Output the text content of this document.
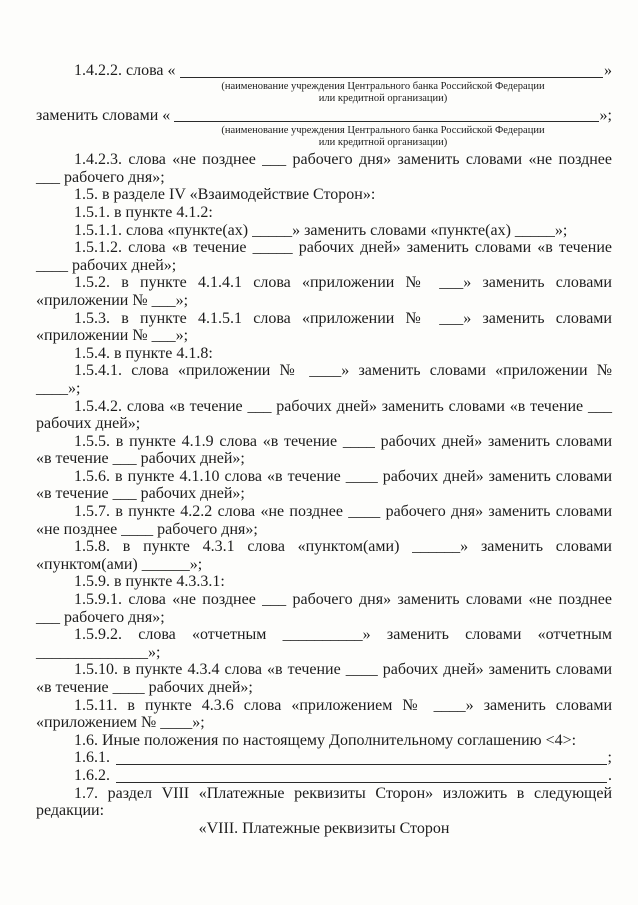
1.4.2.2. слова «	»
(наименование учреждения Центрального банка Российской Федерации
или кредитной организации)
заменить словами «	»;
(наименование учреждения Центрального банка Российской Федерации
или кредитной организации)

1.4.2.3. слова «не позднее ___ рабочего дня» заменить словами «не позднее ___ рабочего дня»;

1.5. в разделе IV «Взаимодействие Сторон»:

1.5.1. в пункте 4.1.2:

1.5.1.1. слова «пункте(ах) _____» заменить словами «пункте(ах) _____»;

1.5.1.2. слова «в течение _____ рабочих дней» заменить словами «в течение ____ рабочих дней»;

1.5.2. в пункте 4.1.4.1 слова «приложении № ___» заменить словами «приложении № ___»;

1.5.3. в пункте 4.1.5.1 слова «приложении № ___» заменить словами «приложении № ___»;

1.5.4. в пункте 4.1.8:

1.5.4.1. слова «приложении № ____» заменить словами «приложении № ____»;

1.5.4.2. слова «в течение ___ рабочих дней» заменить словами «в течение ___ рабочих дней»;

1.5.5. в пункте 4.1.9 слова «в течение ____ рабочих дней» заменить словами «в течение ___ рабочих дней»;

1.5.6. в пункте 4.1.10 слова «в течение ____ рабочих дней» заменить словами «в течение ___ рабочих дней»;

1.5.7. в пункте 4.2.2 слова «не позднее ____ рабочего дня» заменить словами «не позднее ____ рабочего дня»;

1.5.8. в пункте 4.3.1 слова «пунктом(ами) ______» заменить словами «пунктом(ами) ______»;

1.5.9. в пункте 4.3.3.1:

1.5.9.1. слова «не позднее ___ рабочего дня» заменить словами «не позднее ___ рабочего дня»;

1.5.9.2. слова «отчетным __________» заменить словами «отчетным ______________»;

1.5.10. в пункте 4.3.4 слова «в течение ____ рабочих дней» заменить словами «в течение ____ рабочих дней»;

1.5.11. в пункте 4.3.6 слова «приложением № ____» заменить словами «приложением № ____»;

1.6. Иные положения по настоящему Дополнительному соглашению <4>:

1.6.1.	;
1.6.2.	.

1.7. раздел VIII «Платежные реквизиты Сторон» изложить в следующей редакции:

«VIII. Платежные реквизиты Сторон
